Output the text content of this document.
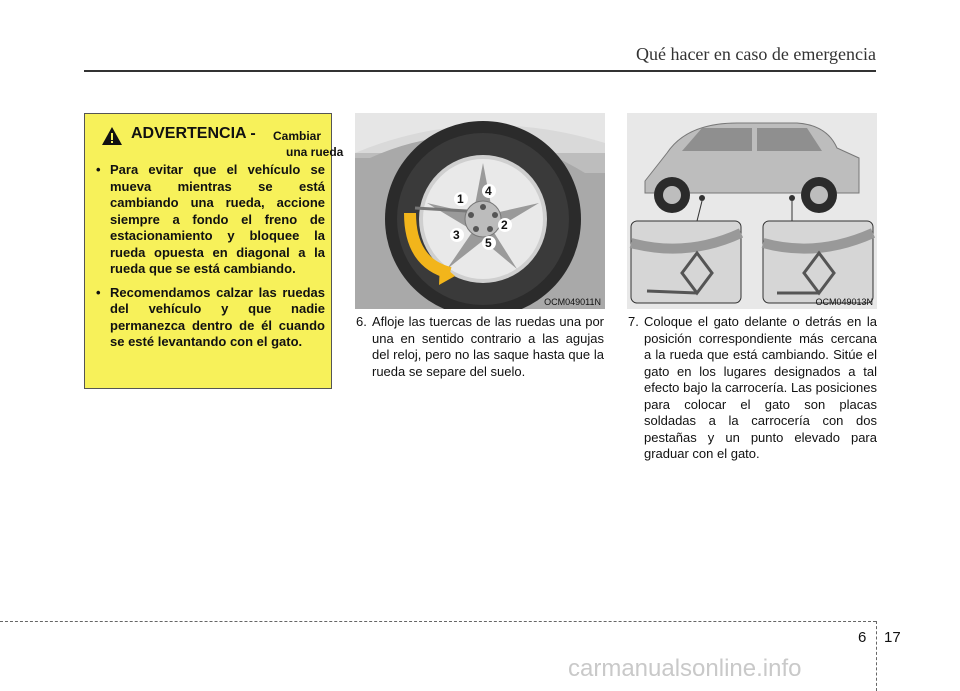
Qué hacer en caso de emergencia
ADVERTENCIA - Cambiar
una rueda
• Para evitar que el vehículo se mueva mientras se está cambiando una rueda, accione siempre a fondo el freno de estacionamiento y bloquee la rueda opuesta en diagonal a la rueda que se está cambiando.
• Recomendamos calzar las ruedas del vehículo y que nadie permanezca dentro de él cuando se esté levantando con el gato.
1
2
3
4
5
OCM049011N	OCM049013N
6. Afloje las tuercas de las ruedas una por una en sentido contrario a las agujas del reloj, pero no las saque hasta que la rueda se separe del suelo.
7. Coloque el gato delante o detrás en la posición correspondiente más cercana a la rueda que está cambiando. Sitúe el gato en los lugares designados a tal efecto bajo la carrocería. Las posiciones para colocar el gato son placas soldadas a la carrocería con dos pestañas y un punto elevado para graduar con el gato.
6 17
carmanualsonline.info
